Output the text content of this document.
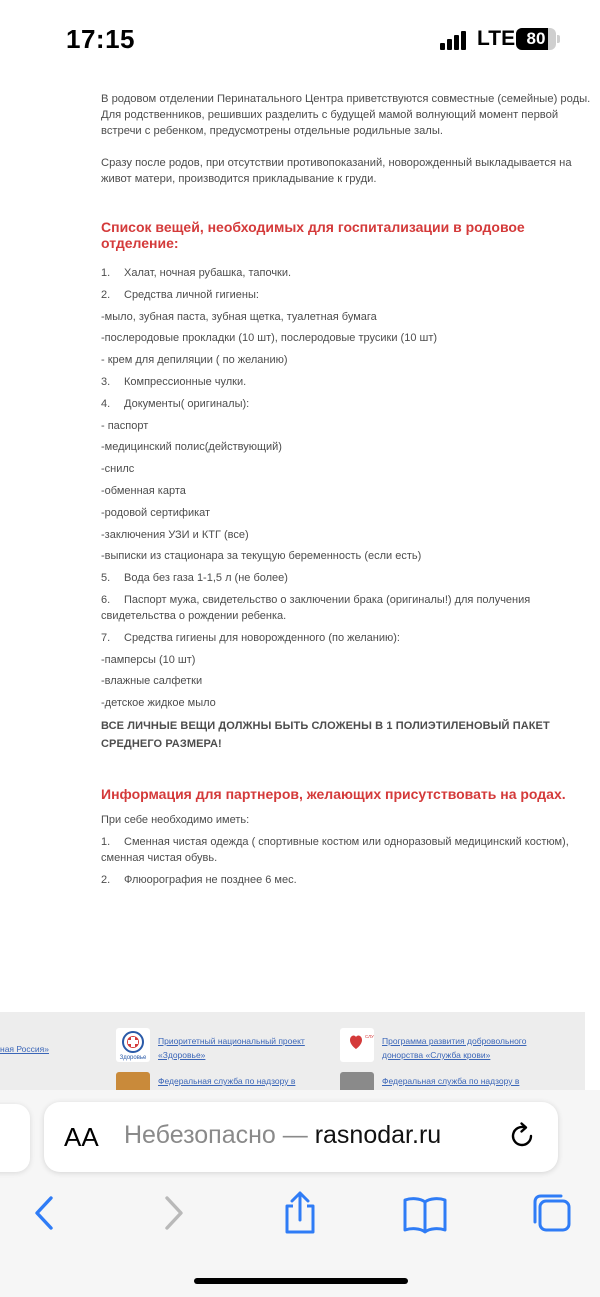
17:15	LTE 80
В родовом отделении Перинатального Центра приветствуются совместные (семейные) роды. Для родственников, решивших разделить с будущей мамой волнующий момент первой встречи с ребенком, предусмотрены отдельные родильные залы.
Сразу после родов, при отсутствии противопоказаний, новорожденный выкладывается на живот матери, производится прикладывание к груди.
Список вещей, необходимых для госпитализации в родовое отделение:
1. Халат, ночная рубашка, тапочки.
2. Средства личной гигиены:
-мыло, зубная паста, зубная щетка, туалетная бумага
-послеродовые прокладки (10 шт), послеродовые трусики (10 шт)
- крем для депиляции ( по желанию)
3. Компрессионные чулки.
4. Документы( оригиналы):
- паспорт
-медицинский полис(действующий)
-снилс
-обменная карта
-родовой сертификат
-заключения УЗИ и КТГ (все)
-выписки из стационара за текущую беременность (если есть)
5. Вода без газа 1-1,5 л (не более)
6. Паспорт мужа, свидетельство о заключении брака (оригиналы!) для получения свидетельства о рождении ребенка.
7. Средства гигиены для новорожденного (по желанию):
-памперсы (10 шт)
-влажные салфетки
-детское жидкое мыло
ВСЕ ЛИЧНЫЕ ВЕЩИ ДОЛЖНЫ БЫТЬ СЛОЖЕНЫ В 1 ПОЛИЭТИЛЕНОВЫЙ ПАКЕТ СРЕДНЕГО РАЗМЕРА!
Информация для партнеров, желающих присутствовать на родах.
При себе необходимо иметь:
1. Сменная чистая одежда ( спортивные костюм или одноразовый медицинский костюм), сменная чистая обувь.
2. Флюорография не позднее 6 мес.
ная Россия»
Здоровье
Приоритетный национальный проект «Здоровье»
СЛУ Программа развития добровольного донорства «Служба крови»
Федеральная служба по надзору в	Федеральная служба по надзору в
AA Небезопасно — rasnodar.ru
